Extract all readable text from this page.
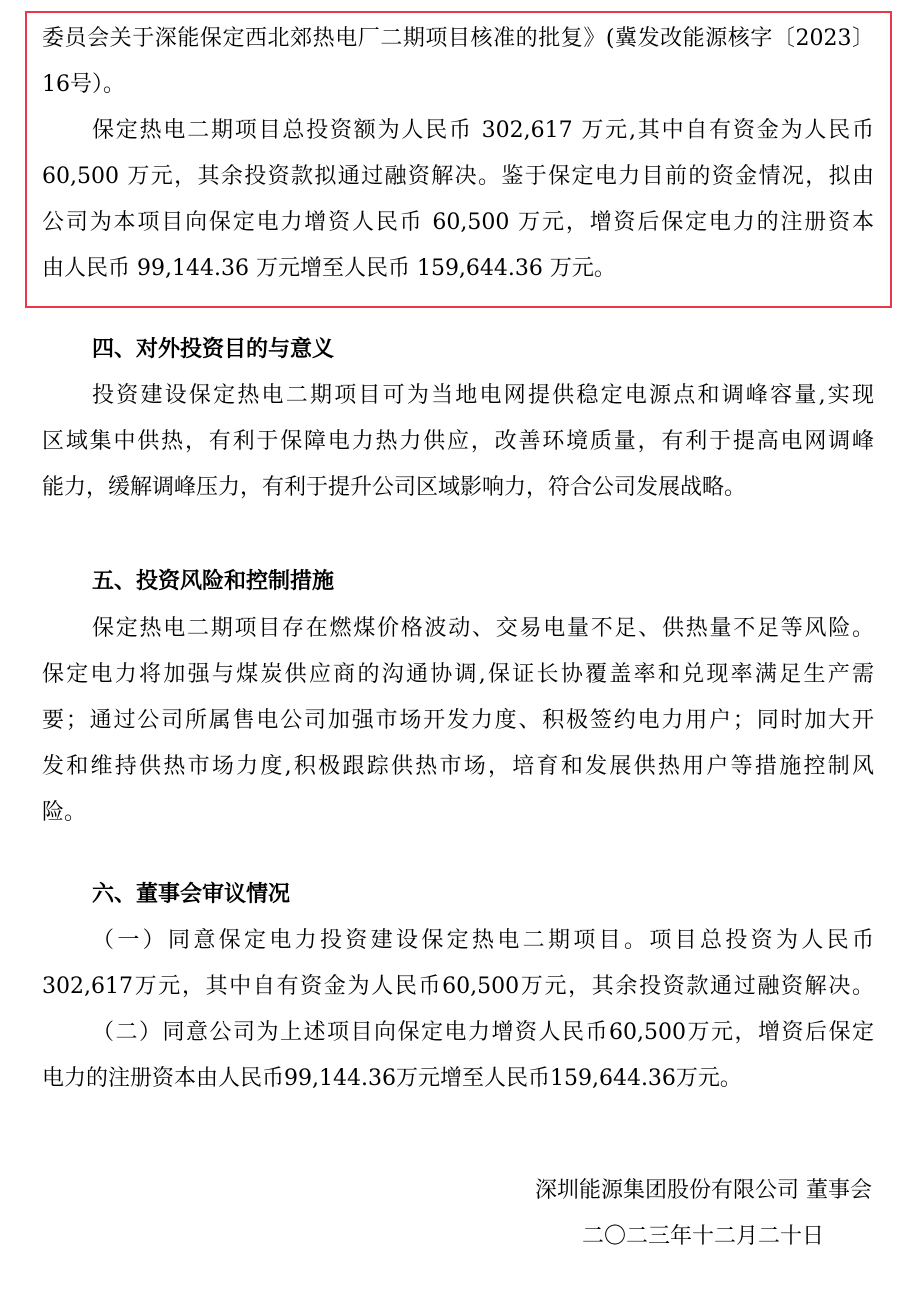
委员会关于深能保定西北郊热电厂二期项目核准的批复》(冀发改能源核字〔2023〕
16号）。
保定热电二期项目总投资额为人民币 302,617 万元,其中自有资金为人民币
60,500 万元，其余投资款拟通过融资解决。鉴于保定电力目前的资金情况，拟由
公司为本项目向保定电力增资人民币 60,500 万元，增资后保定电力的注册资本
由人民币 99,144.36 万元增至人民币 159,644.36 万元。
四、对外投资目的与意义
投资建设保定热电二期项目可为当地电网提供稳定电源点和调峰容量,实现
区域集中供热，有利于保障电力热力供应，改善环境质量，有利于提高电网调峰
能力，缓解调峰压力，有利于提升公司区域影响力，符合公司发展战略。
五、投资风险和控制措施
保定热电二期项目存在燃煤价格波动、交易电量不足、供热量不足等风险。
保定电力将加强与煤炭供应商的沟通协调,保证长协覆盖率和兑现率满足生产需
要；通过公司所属售电公司加强市场开发力度、积极签约电力用户；同时加大开
发和维持供热市场力度,积极跟踪供热市场，培育和发展供热用户等措施控制风
险。
六、董事会审议情况
（一）同意保定电力投资建设保定热电二期项目。项目总投资为人民币
302,617万元，其中自有资金为人民币60,500万元，其余投资款通过融资解决。
（二）同意公司为上述项目向保定电力增资人民币60,500万元，增资后保定
电力的注册资本由人民币99,144.36万元增至人民币159,644.36万元。
深圳能源集团股份有限公司 董事会
二〇二三年十二月二十日
